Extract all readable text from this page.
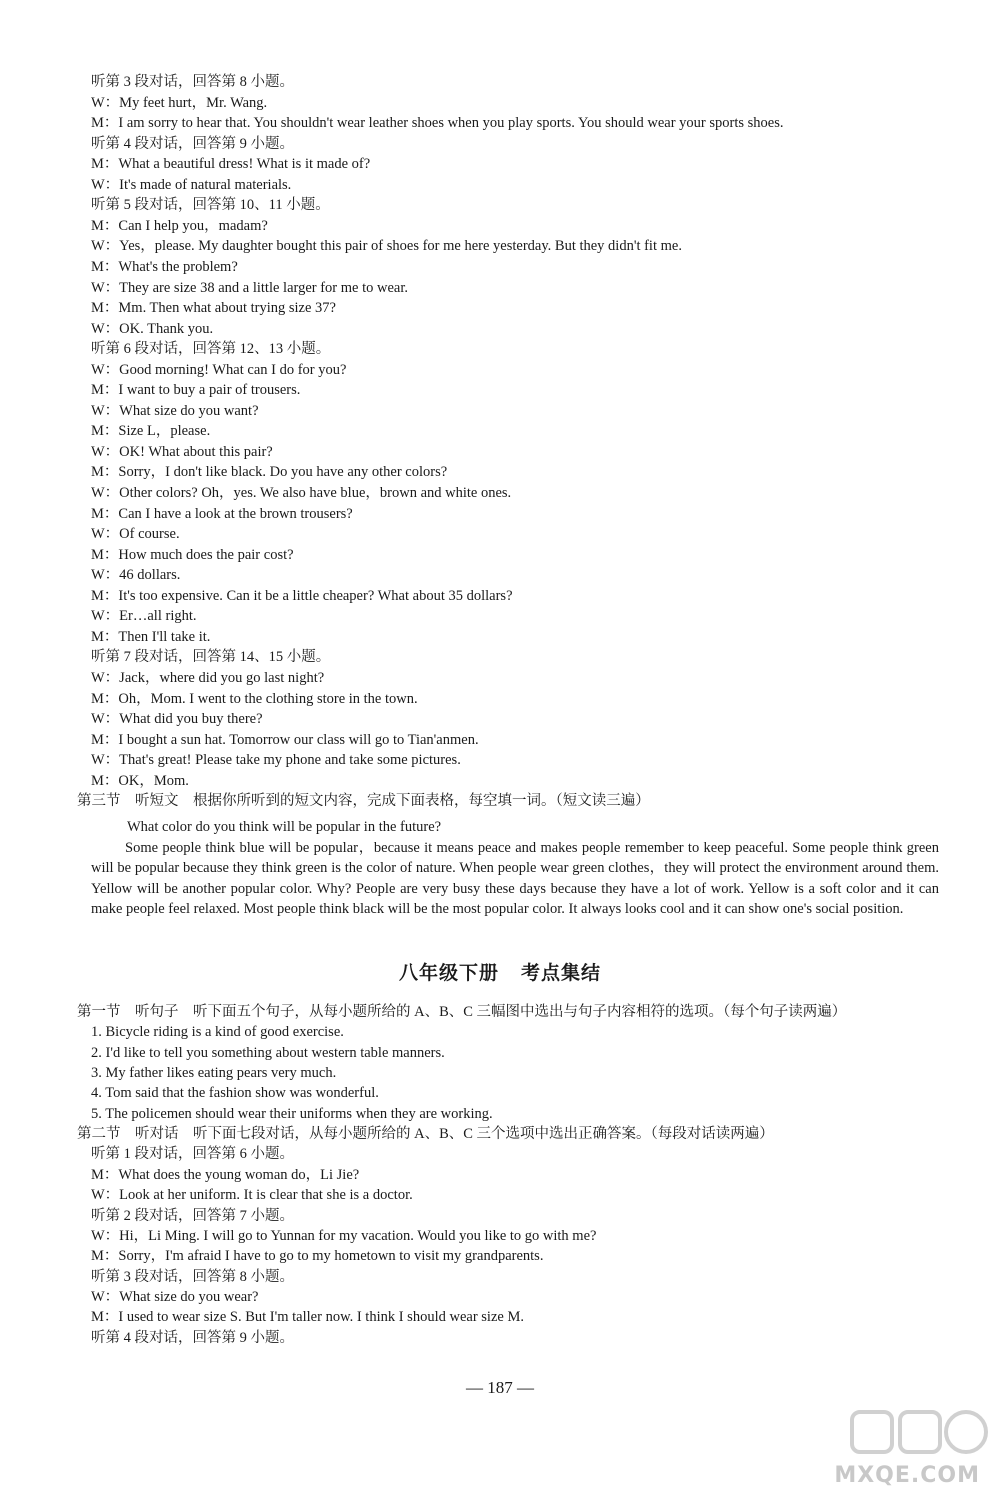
听第 3 段对话，回答第 8 小题。
W：My feet hurt，Mr. Wang.
M：I am sorry to hear that. You shouldn't wear leather shoes when you play sports. You should wear your sports shoes.
听第 4 段对话，回答第 9 小题。
M：What a beautiful dress! What is it made of?
W：It's made of natural materials.
听第 5 段对话，回答第 10、11 小题。
M：Can I help you，madam?
W：Yes，please. My daughter bought this pair of shoes for me here yesterday. But they didn't fit me.
M：What's the problem?
W：They are size 38 and a little larger for me to wear.
M：Mm. Then what about trying size 37?
W：OK. Thank you.
听第 6 段对话，回答第 12、13 小题。
W：Good morning! What can I do for you?
M：I want to buy a pair of trousers.
W：What size do you want?
M：Size L，please.
W：OK! What about this pair?
M：Sorry，I don't like black. Do you have any other colors?
W：Other colors? Oh，yes. We also have blue，brown and white ones.
M：Can I have a look at the brown trousers?
W：Of course.
M：How much does the pair cost?
W：46 dollars.
M：It's too expensive. Can it be a little cheaper? What about 35 dollars?
W：Er…all right.
M：Then I'll take it.
听第 7 段对话，回答第 14、15 小题。
W：Jack，where did you go last night?
M：Oh，Mom. I went to the clothing store in the town.
W：What did you buy there?
M：I bought a sun hat. Tomorrow our class will go to Tian'anmen.
W：That's great! Please take my phone and take some pictures.
M：OK，Mom.
第三节　听短文　根据你所听到的短文内容，完成下面表格，每空填一词。（短文读三遍）
What color do you think will be popular in the future?
Some people think blue will be popular，because it means peace and makes people remember to keep peaceful. Some people think green will be popular because they think green is the color of nature. When people wear green clothes，they will protect the environment around them. Yellow will be another popular color. Why? People are very busy these days because they have a lot of work. Yellow is a soft color and it can make people feel relaxed. Most people think black will be the most popular color. It always looks cool and it can show one's social position.
八年级下册 考点集结
第一节　听句子　听下面五个句子，从每小题所给的 A、B、C 三幅图中选出与句子内容相符的选项。（每个句子读两遍）
1. Bicycle riding is a kind of good exercise.
2. I'd like to tell you something about western table manners.
3. My father likes eating pears very much.
4. Tom said that the fashion show was wonderful.
5. The policemen should wear their uniforms when they are working.
第二节　听对话　听下面七段对话，从每小题所给的 A、B、C 三个选项中选出正确答案。（每段对话读两遍）
听第 1 段对话，回答第 6 小题。
M：What does the young woman do，Li Jie?
W：Look at her uniform. It is clear that she is a doctor.
听第 2 段对话，回答第 7 小题。
W：Hi，Li Ming. I will go to Yunnan for my vacation. Would you like to go with me?
M：Sorry，I'm afraid I have to go to my hometown to visit my grandparents.
听第 3 段对话，回答第 8 小题。
W：What size do you wear?
M：I used to wear size S. But I'm taller now. I think I should wear size M.
听第 4 段对话，回答第 9 小题。
— 187 —
MXQE.COM
